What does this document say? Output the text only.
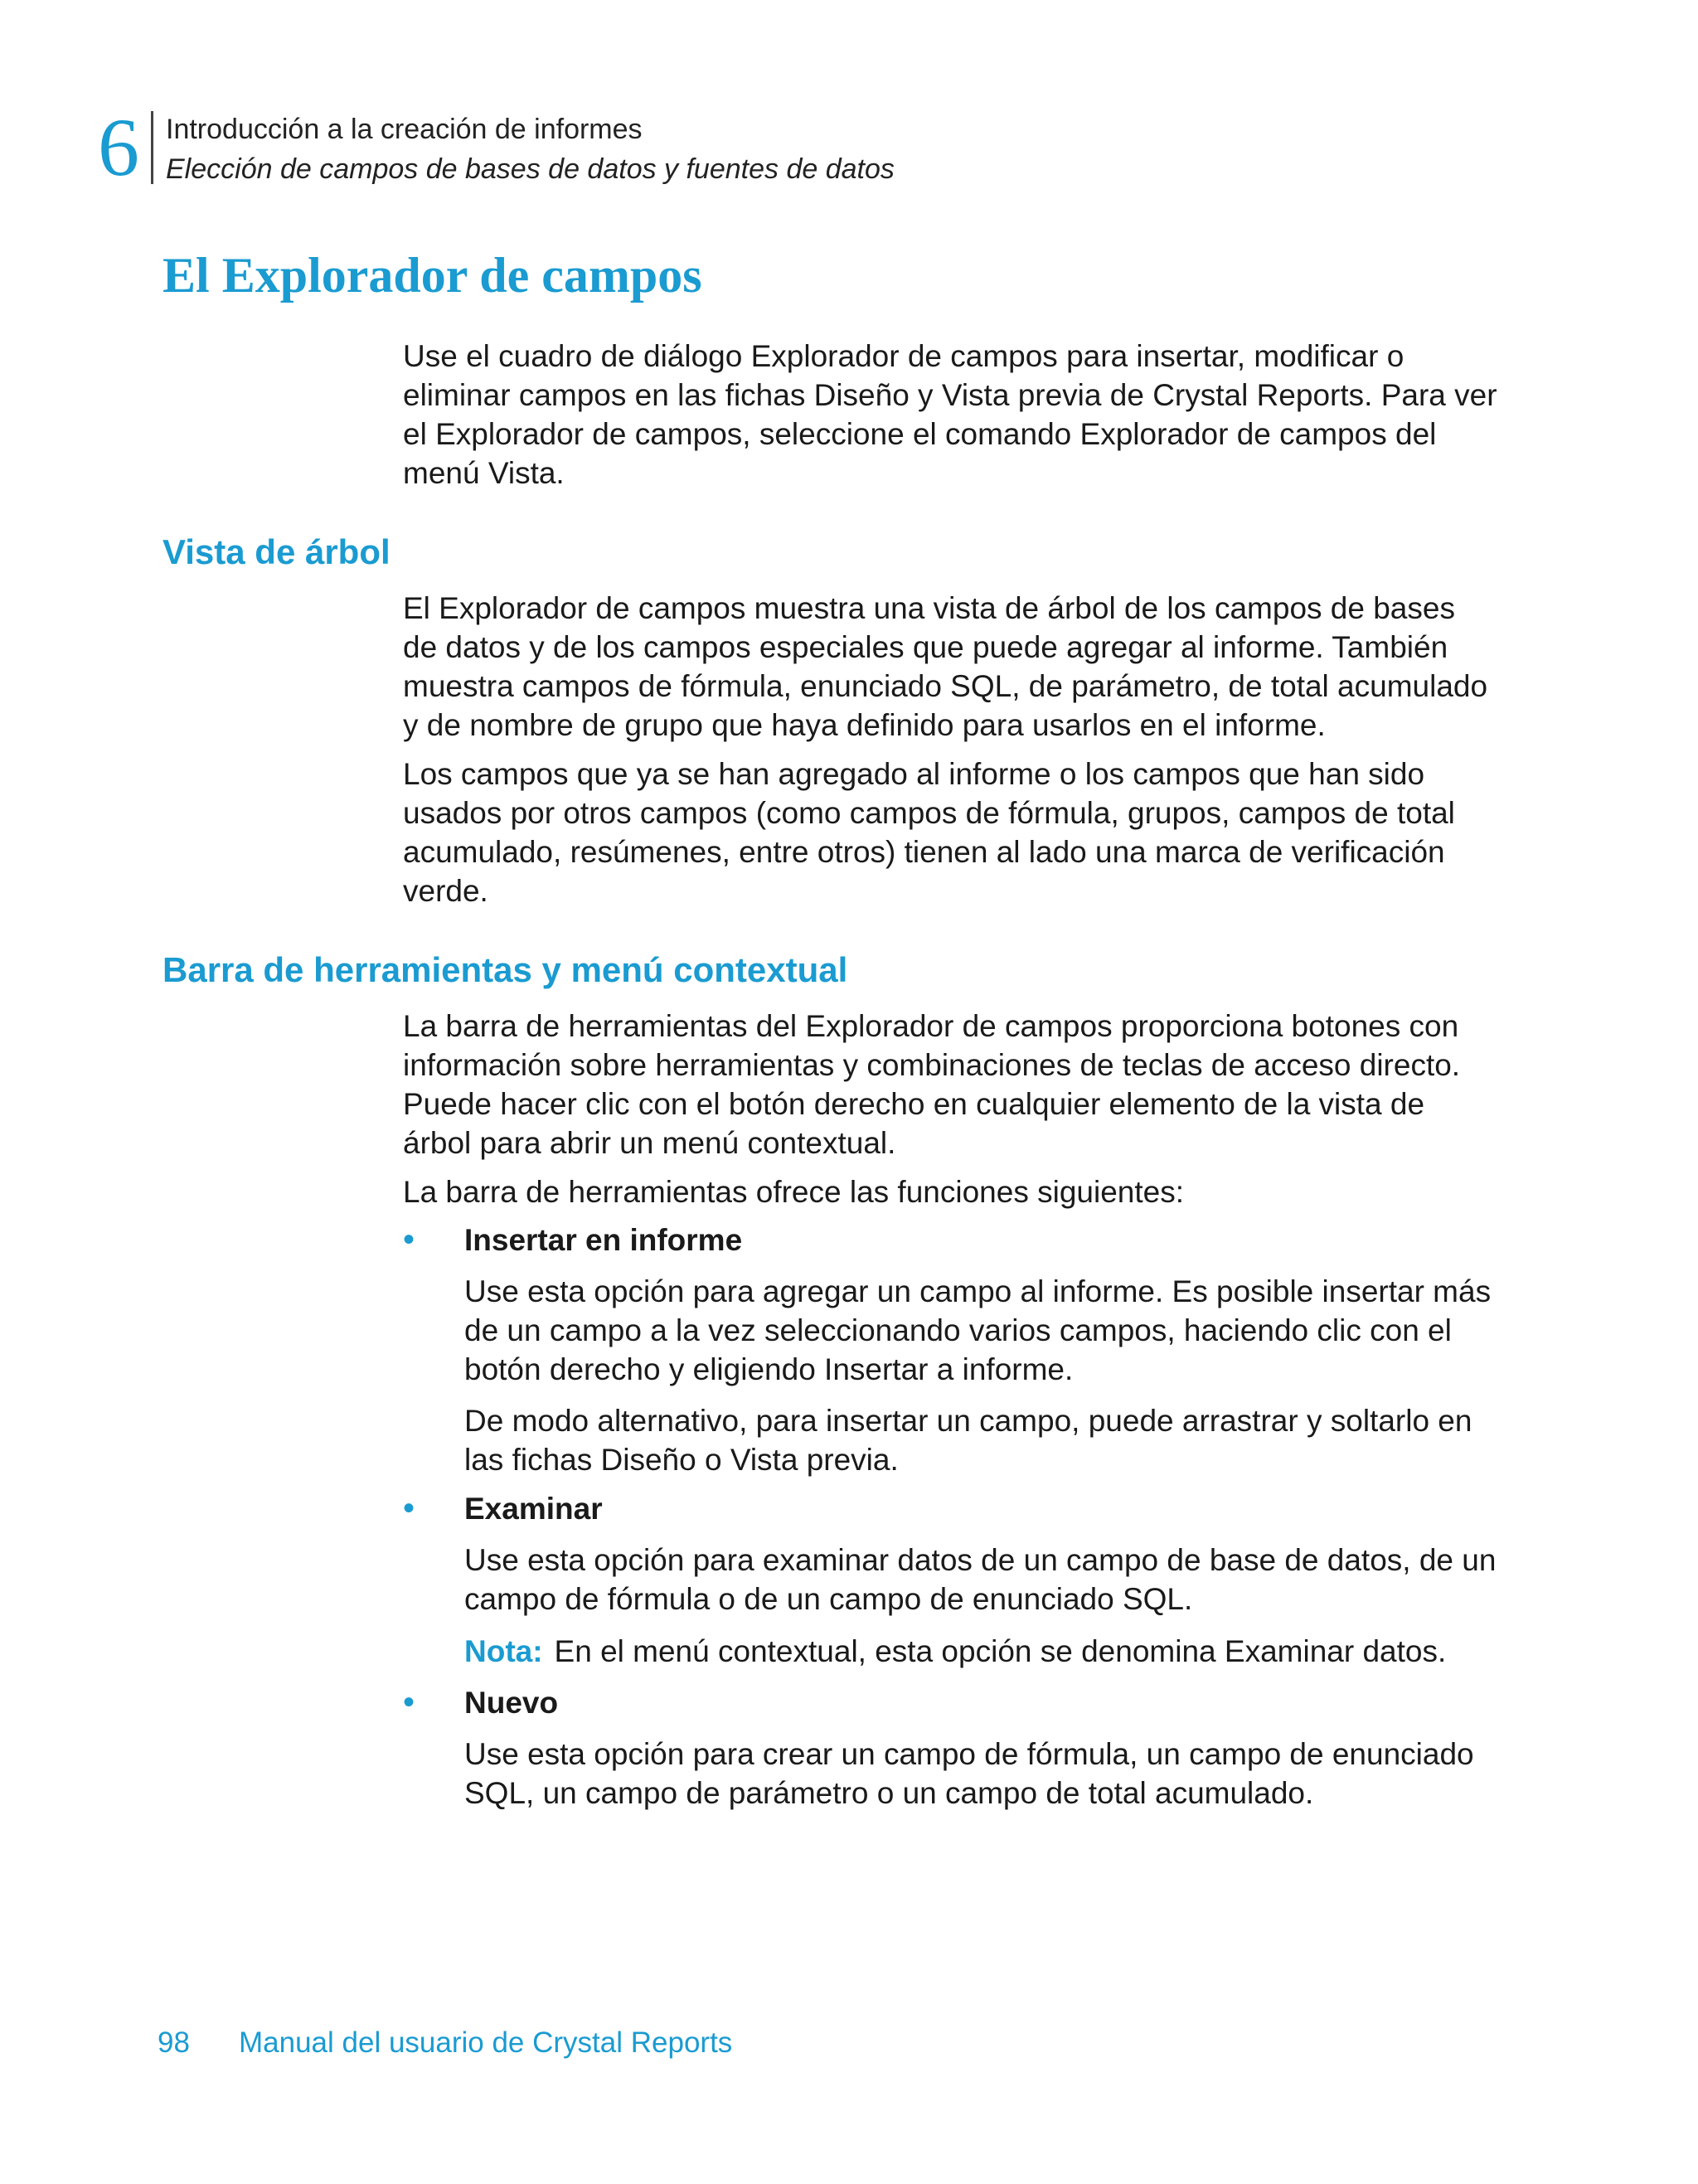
6 Introducción a la creación de informes
Elección de campos de bases de datos y fuentes de datos
El Explorador de campos

Use el cuadro de diálogo Explorador de campos para insertar, modificar o eliminar campos en las fichas Diseño y Vista previa de Crystal Reports. Para ver el Explorador de campos, seleccione el comando Explorador de campos del menú Vista.

Vista de árbol

El Explorador de campos muestra una vista de árbol de los campos de bases de datos y de los campos especiales que puede agregar al informe. También muestra campos de fórmula, enunciado SQL, de parámetro, de total acumulado y de nombre de grupo que haya definido para usarlos en el informe.

Los campos que ya se han agregado al informe o los campos que han sido usados por otros campos (como campos de fórmula, grupos, campos de total acumulado, resúmenes, entre otros) tienen al lado una marca de verificación verde.

Barra de herramientas y menú contextual

La barra de herramientas del Explorador de campos proporciona botones con información sobre herramientas y combinaciones de teclas de acceso directo. Puede hacer clic con el botón derecho en cualquier elemento de la vista de árbol para abrir un menú contextual.

La barra de herramientas ofrece las funciones siguientes:

• Insertar en informe

Use esta opción para agregar un campo al informe. Es posible insertar más de un campo a la vez seleccionando varios campos, haciendo clic con el botón derecho y eligiendo Insertar a informe.

De modo alternativo, para insertar un campo, puede arrastrar y soltarlo en las fichas Diseño o Vista previa.

• Examinar

Use esta opción para examinar datos de un campo de base de datos, de un campo de fórmula o de un campo de enunciado SQL.

Nota: En el menú contextual, esta opción se denomina Examinar datos.

• Nuevo

Use esta opción para crear un campo de fórmula, un campo de enunciado SQL, un campo de parámetro o un campo de total acumulado.

98 Manual del usuario de Crystal Reports
